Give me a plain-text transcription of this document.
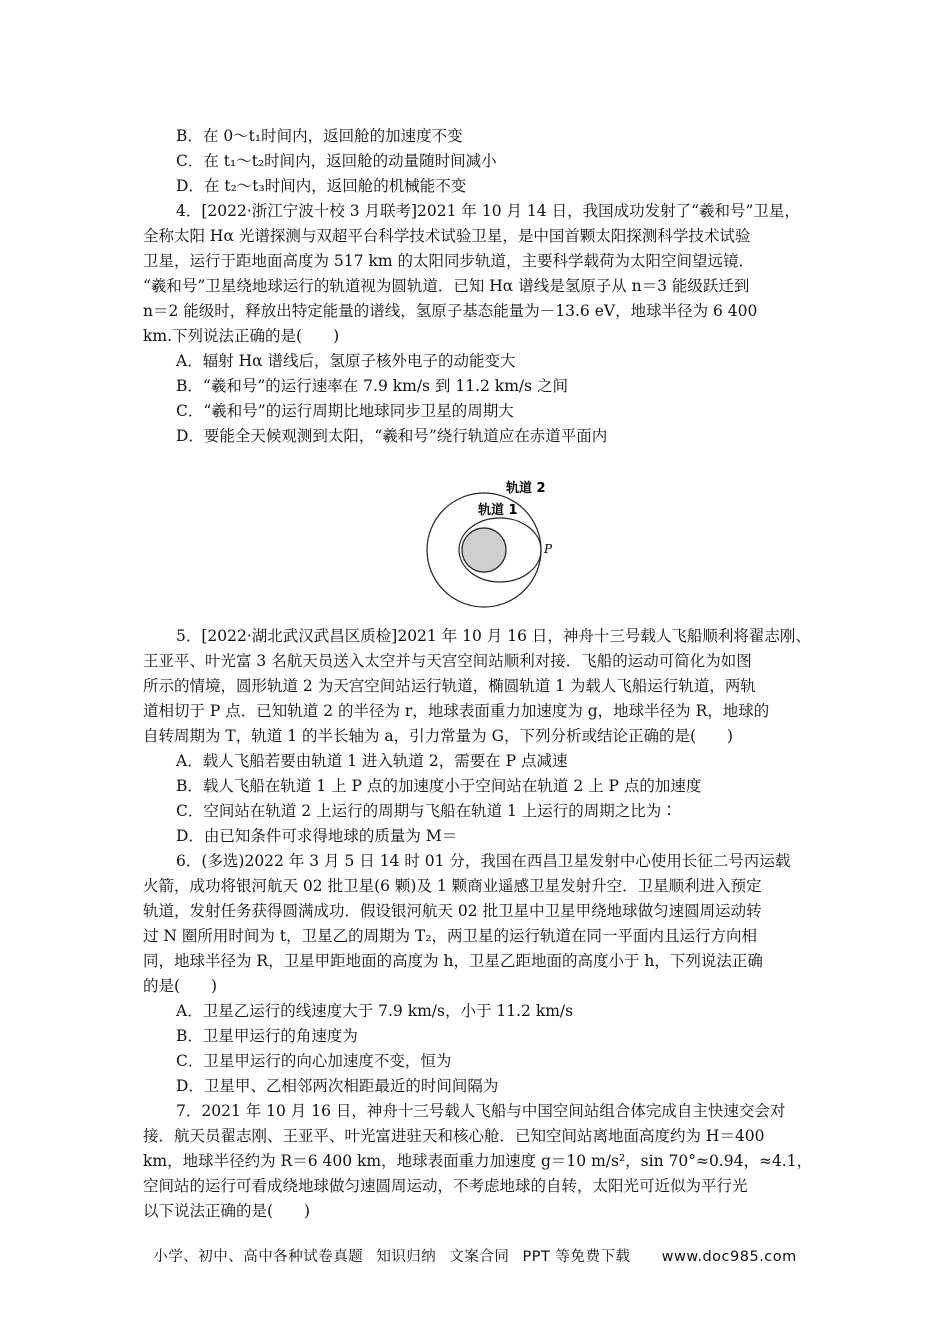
B．在 0～t₁时间内，返回舱的加速度不变
C．在 t₁～t₂时间内，返回舱的动量随时间减小
D．在 t₂～t₃时间内，返回舱的机械能不变
4．[2022·浙江宁波十校 3 月联考]2021 年 10 月 14 日，我国成功发射了“羲和号”卫星，
全称太阳 Hα 光谱探测与双超平台科学技术试验卫星，是中国首颗太阳探测科学技术试验
卫星，运行于距地面高度为 517 km 的太阳同步轨道，主要科学载荷为太阳空间望远镜．
“羲和号”卫星绕地球运行的轨道视为圆轨道．已知 Hα 谱线是氢原子从 n＝3 能级跃迁到
n＝2 能级时，释放出特定能量的谱线，氢原子基态能量为－13.6 eV，地球半径为 6 400
km.下列说法正确的是(　　)
A．辐射 Hα 谱线后，氢原子核外电子的动能变大
B．“羲和号”的运行速率在 7.9 km/s 到 11.2 km/s 之间
C．“羲和号”的运行周期比地球同步卫星的周期大
D．要能全天候观测到太阳，“羲和号”绕行轨道应在赤道平面内
5．[2022·湖北武汉武昌区质检]2021 年 10 月 16 日，神舟十三号载人飞船顺利将翟志刚、
王亚平、叶光富 3 名航天员送入太空并与天宫空间站顺利对接．飞船的运动可简化为如图
所示的情境，圆形轨道 2 为天宫空间站运行轨道，椭圆轨道 1 为载人飞船运行轨道，两轨
道相切于 P 点．已知轨道 2 的半径为 r，地球表面重力加速度为 g，地球半径为 R，地球的
自转周期为 T，轨道 1 的半长轴为 a，引力常量为 G，下列分析或结论正确的是(　　)
A．载人飞船若要由轨道 1 进入轨道 2，需要在 P 点减速
B．载人飞船在轨道 1 上 P 点的加速度小于空间站在轨道 2 上 P 点的加速度
C．空间站在轨道 2 上运行的周期与飞船在轨道 1 上运行的周期之比为∶
D．由已知条件可求得地球的质量为 M＝
6．(多选)2022 年 3 月 5 日 14 时 01 分，我国在西昌卫星发射中心使用长征二号丙运载
火箭，成功将银河航天 02 批卫星(6 颗)及 1 颗商业遥感卫星发射升空．卫星顺利进入预定
轨道，发射任务获得圆满成功．假设银河航天 02 批卫星中卫星甲绕地球做匀速圆周运动转
过 N 圈所用时间为 t，卫星乙的周期为 T₂，两卫星的运行轨道在同一平面内且运行方向相
同，地球半径为 R，卫星甲距地面的高度为 h，卫星乙距地面的高度小于 h，下列说法正确
的是(　　)
A．卫星乙运行的线速度大于 7.9 km/s，小于 11.2 km/s
B．卫星甲运行的角速度为
C．卫星甲运行的向心加速度不变，恒为
D．卫星甲、乙相邻两次相距最近的时间间隔为
7．2021 年 10 月 16 日，神舟十三号载人飞船与中国空间站组合体完成自主快速交会对
接．航天员翟志刚、王亚平、叶光富进驻天和核心舱．已知空间站离地面高度约为 H＝400
km，地球半径约为 R＝6 400 km，地球表面重力加速度 g＝10 m/s²，sin 70°≈0.94，≈4.1，
空间站的运行可看成绕地球做匀速圆周运动，不考虑地球的自转，太阳光可近似为平行光
以下说法正确的是(　　)
轨道 2
轨道 1
P
小学、初中、高中各种试卷真题 知识归纳 文案合同 PPT 等免费下载 www.doc985.com
